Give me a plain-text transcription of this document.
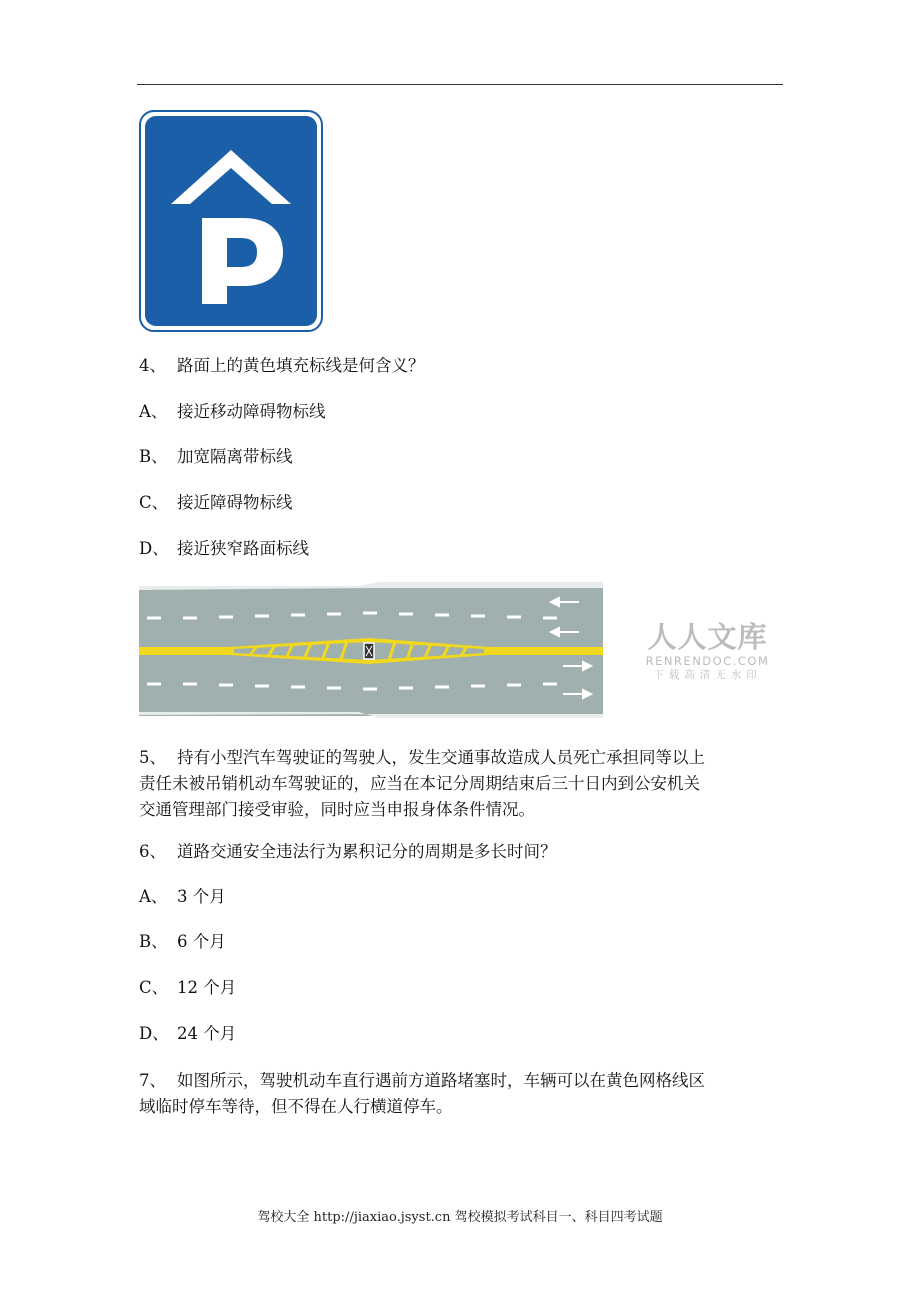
4、 路面上的黄色填充标线是何含义？
A、 接近移动障碍物标线
B、 加宽隔离带标线
C、 接近障碍物标线
D、 接近狭窄路面标线
人人文库
RENRENDOC.COM
下载高清无水印
5、 持有小型汽车驾驶证的驾驶人，发生交通事故造成人员死亡承担同等以上
责任未被吊销机动车驾驶证的，应当在本记分周期结束后三十日内到公安机关
交通管理部门接受审验，同时应当申报身体条件情况。
6、 道路交通安全违法行为累积记分的周期是多长时间？
A、 3 个月
B、 6 个月
C、 12 个月
D、 24 个月
7、 如图所示，驾驶机动车直行遇前方道路堵塞时，车辆可以在黄色网格线区
域临时停车等待，但不得在人行横道停车。
驾校大全 http://jiaxiao.jsyst.cn 驾校模拟考试科目一、科目四考试题
